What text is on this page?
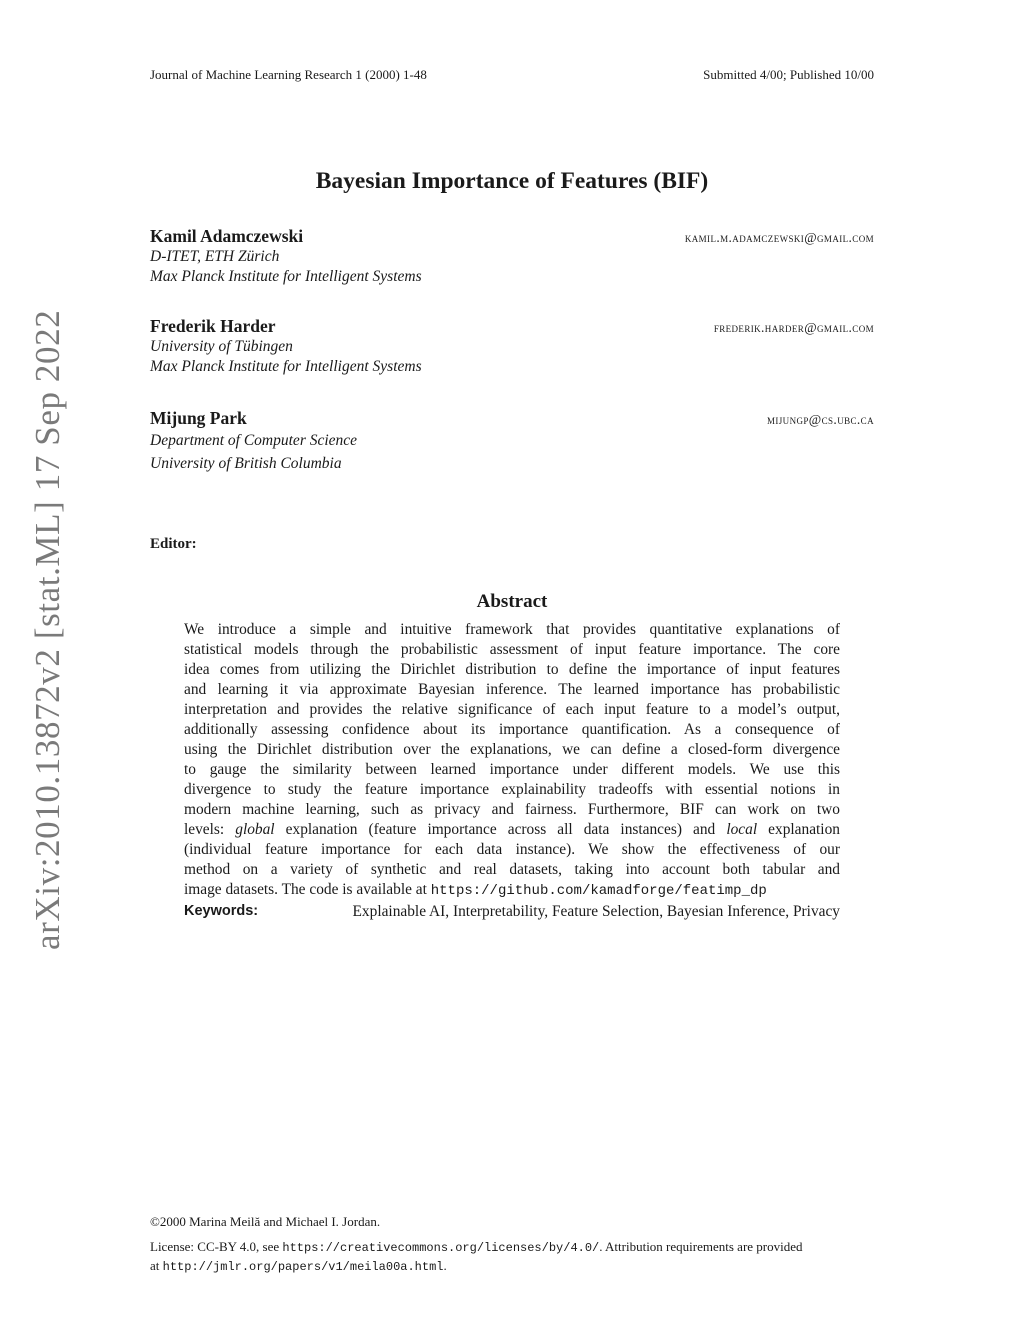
Journal of Machine Learning Research 1 (2000) 1-48	Submitted 4/00; Published 10/00
Bayesian Importance of Features (BIF)
Kamil Adamczewski	kamil.m.adamczewski@gmail.com
D-ITET, ETH Zürich
Max Planck Institute for Intelligent Systems
Frederik Harder	frederik.harder@gmail.com
University of Tübingen
Max Planck Institute for Intelligent Systems
Mijung Park	mijungp@cs.ubc.ca
Department of Computer Science
University of British Columbia
Editor:
Abstract
We introduce a simple and intuitive framework that provides quantitative explanations of
statistical models through the probabilistic assessment of input feature importance. The core
idea comes from utilizing the Dirichlet distribution to define the importance of input features
and learning it via approximate Bayesian inference. The learned importance has probabilistic
interpretation and provides the relative significance of each input feature to a model’s output,
additionally assessing confidence about its importance quantification. As a consequence of
using the Dirichlet distribution over the explanations, we can define a closed-form divergence
to gauge the similarity between learned importance under different models. We use this
divergence to study the feature importance explainability tradeoffs with essential notions in
modern machine learning, such as privacy and fairness. Furthermore, BIF can work on two
levels: global explanation (feature importance across all data instances) and local explanation
(individual feature importance for each data instance). We show the effectiveness of our
method on a variety of synthetic and real datasets, taking into account both tabular and
image datasets. The code is available at https://github.com/kamadforge/featimp_dp
Keywords:	Explainable AI, Interpretability, Feature Selection, Bayesian Inference, Privacy
arXiv:2010.13872v2 [stat.ML] 17 Sep 2022
©2000 Marina Meilă and Michael I. Jordan.
License: CC-BY 4.0, see https://creativecommons.org/licenses/by/4.0/. Attribution requirements are provided
at http://jmlr.org/papers/v1/meila00a.html.
